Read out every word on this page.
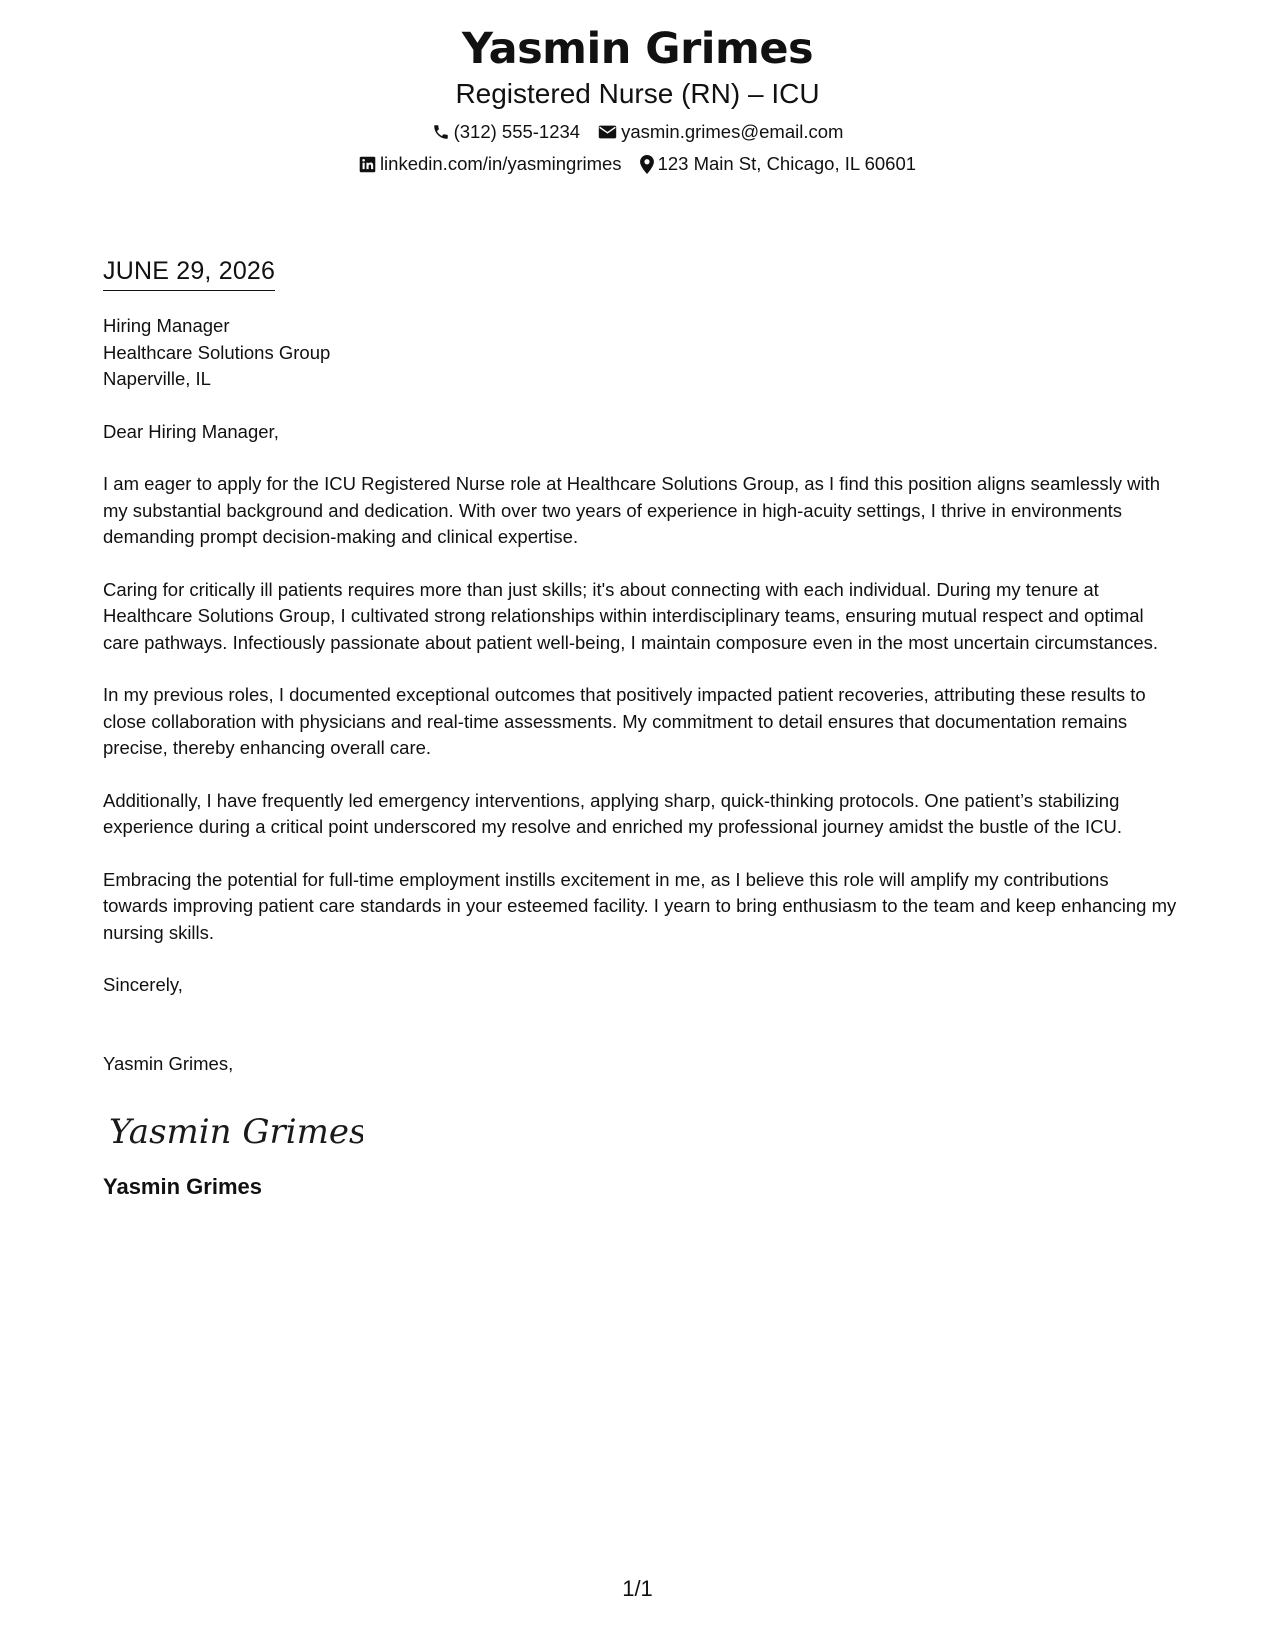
Yasmin Grimes
Registered Nurse (RN) – ICU
(312) 555-1234 yasmin.grimes@email.com
linkedin.com/in/yasmingrimes 123 Main St, Chicago, IL 60601
JUNE 29, 2026
Hiring Manager
Healthcare Solutions Group
Naperville, IL
Dear Hiring Manager,
I am eager to apply for the ICU Registered Nurse role at Healthcare Solutions Group, as I find this position aligns seamlessly with my substantial background and dedication. With over two years of experience in high-acuity settings, I thrive in environments demanding prompt decision-making and clinical expertise.
Caring for critically ill patients requires more than just skills; it's about connecting with each individual. During my tenure at Healthcare Solutions Group, I cultivated strong relationships within interdisciplinary teams, ensuring mutual respect and optimal care pathways. Infectiously passionate about patient well-being, I maintain composure even in the most uncertain circumstances.
In my previous roles, I documented exceptional outcomes that positively impacted patient recoveries, attributing these results to close collaboration with physicians and real-time assessments. My commitment to detail ensures that documentation remains precise, thereby enhancing overall care.
Additionally, I have frequently led emergency interventions, applying sharp, quick-thinking protocols. One patient’s stabilizing experience during a critical point underscored my resolve and enriched my professional journey amidst the bustle of the ICU.
Embracing the potential for full-time employment instills excitement in me, as I believe this role will amplify my contributions towards improving patient care standards in your esteemed facility. I yearn to bring enthusiasm to the team and keep enhancing my nursing skills.
Sincerely,
Yasmin Grimes,
Yasmin Grimes
Yasmin Grimes
1/1
